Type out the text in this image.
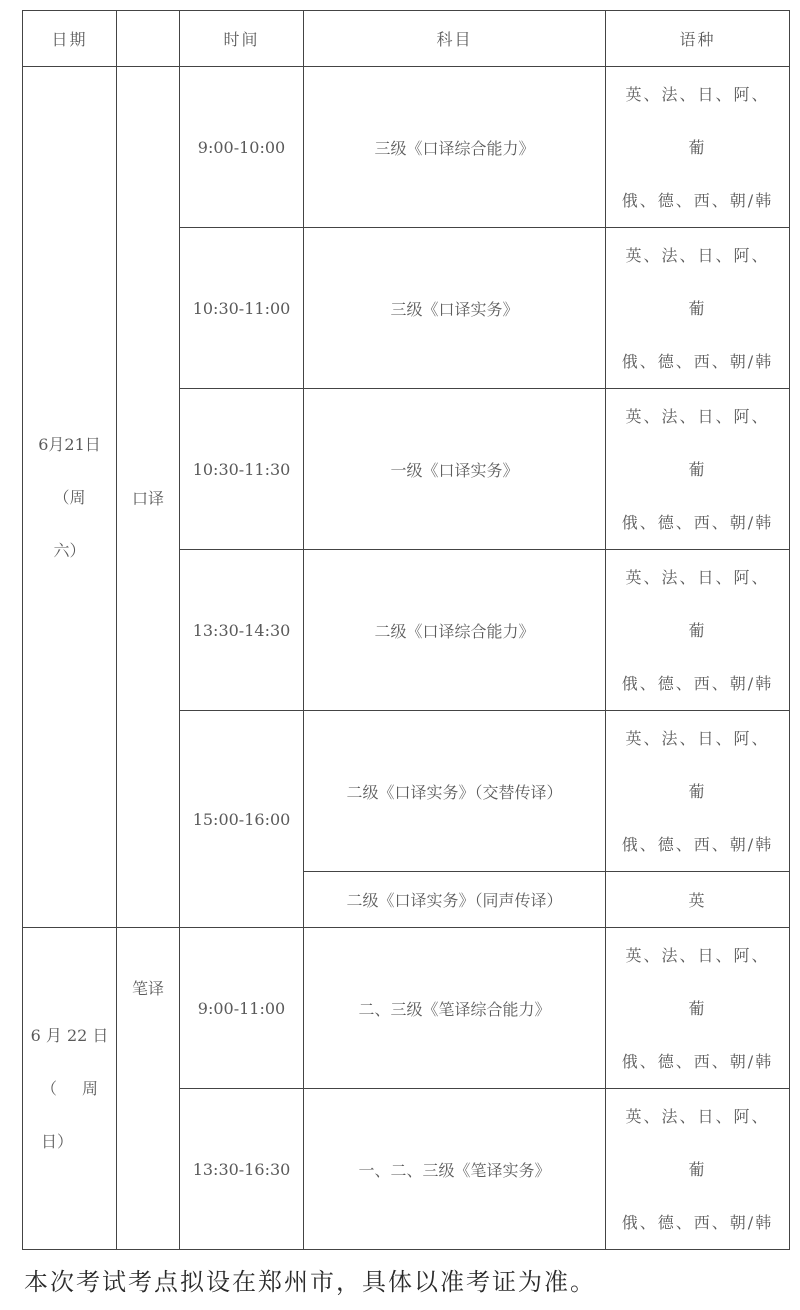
日期		时间	科目	语种

6月21日
（周
六）	口译	9:00-10:00	三级《口译综合能力》	英、法、日、阿、
葡
俄、德、西、朝/韩

		10:30-11:00	三级《口译实务》	英、法、日、阿、
葡
俄、德、西、朝/韩

		10:30-11:30	一级《口译实务》	英、法、日、阿、
葡
俄、德、西、朝/韩

		13:30-14:30	二级《口译综合能力》	英、法、日、阿、
葡
俄、德、西、朝/韩

		15:00-16:00	二级《口译实务》（交替传译）	英、法、日、阿、
葡
俄、德、西、朝/韩

			二级《口译实务》（同声传译）	英

6 月 22 日
（ 周
日）	笔译	9:00-11:00	二、三级《笔译综合能力》	英、法、日、阿、
葡
俄、德、西、朝/韩

		13:30-16:30	一、二、三级《笔译实务》	英、法、日、阿、
葡
俄、德、西、朝/韩
本次考试考点拟设在郑州市，具体以准考证为准。
